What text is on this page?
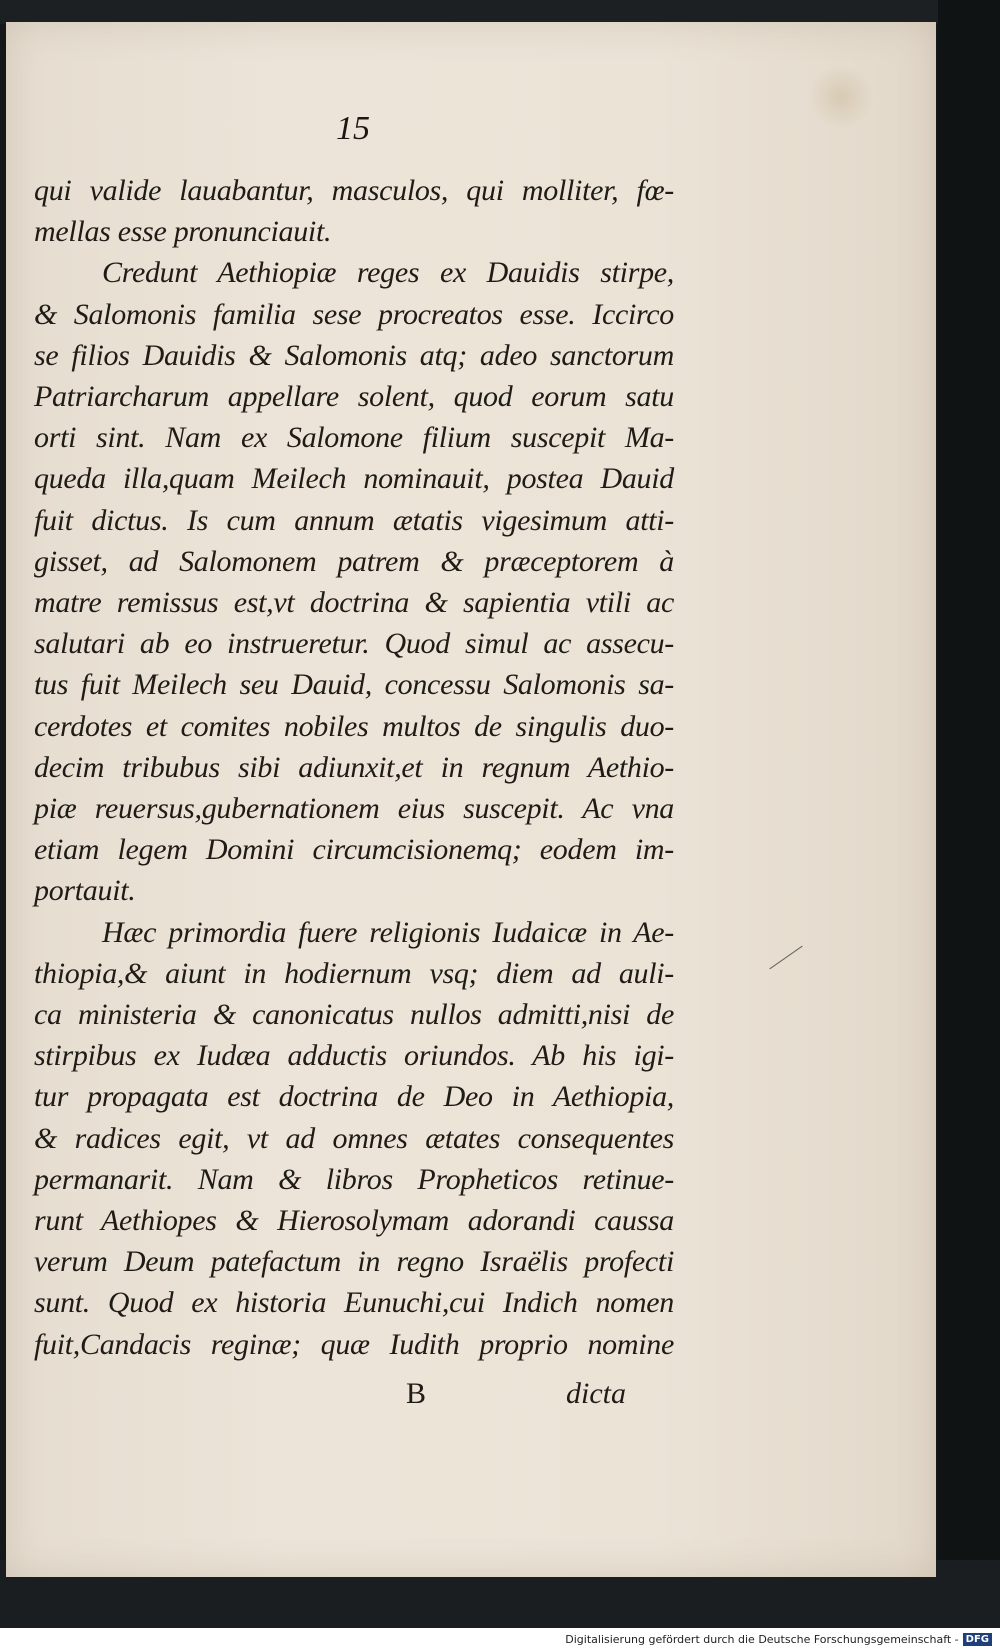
15
qui valide lauabantur, masculos, qui molliter, fœ-
mellas esse pronunciauit.
Credunt Aethiopiæ reges ex Dauidis stirpe,
& Salomonis familia sese procreatos esse. Iccirco
se filios Dauidis & Salomonis atq; adeo sanctorum
Patriarcharum appellare solent, quod eorum satu
orti sint. Nam ex Salomone filium suscepit Ma-
queda illa,quam Meilech nominauit, postea Dauid
fuit dictus. Is cum annum ætatis vigesimum atti-
gisset, ad Salomonem patrem & præceptorem à
matre remissus est,vt doctrina & sapientia vtili ac
salutari ab eo instrueretur. Quod simul ac assecu-
tus fuit Meilech seu Dauid, concessu Salomonis sa-
cerdotes et comites nobiles multos de singulis duo-
decim tribubus sibi adiunxit,et in regnum Aethio-
piæ reuersus,gubernationem eius suscepit. Ac vna
etiam legem Domini circumcisionemq; eodem im-
portauit.
Hæc primordia fuere religionis Iudaicæ in Ae-
thiopia,& aiunt in hodiernum vsq; diem ad auli-
ca ministeria & canonicatus nullos admitti,nisi de
stirpibus ex Iudæa adductis oriundos. Ab his igi-
tur propagata est doctrina de Deo in Aethiopia,
& radices egit, vt ad omnes ætates consequentes
permanarit. Nam & libros Propheticos retinue-
runt Aethiopes & Hierosolymam adorandi caussa
verum Deum patefactum in regno Israëlis profecti
sunt. Quod ex historia Eunuchi,cui Indich nomen
fuit,Candacis reginæ; quæ Iudith proprio nomine
B	dicta
Digitalisierung gefördert durch die Deutsche Forschungsgemeinschaft - DFG
